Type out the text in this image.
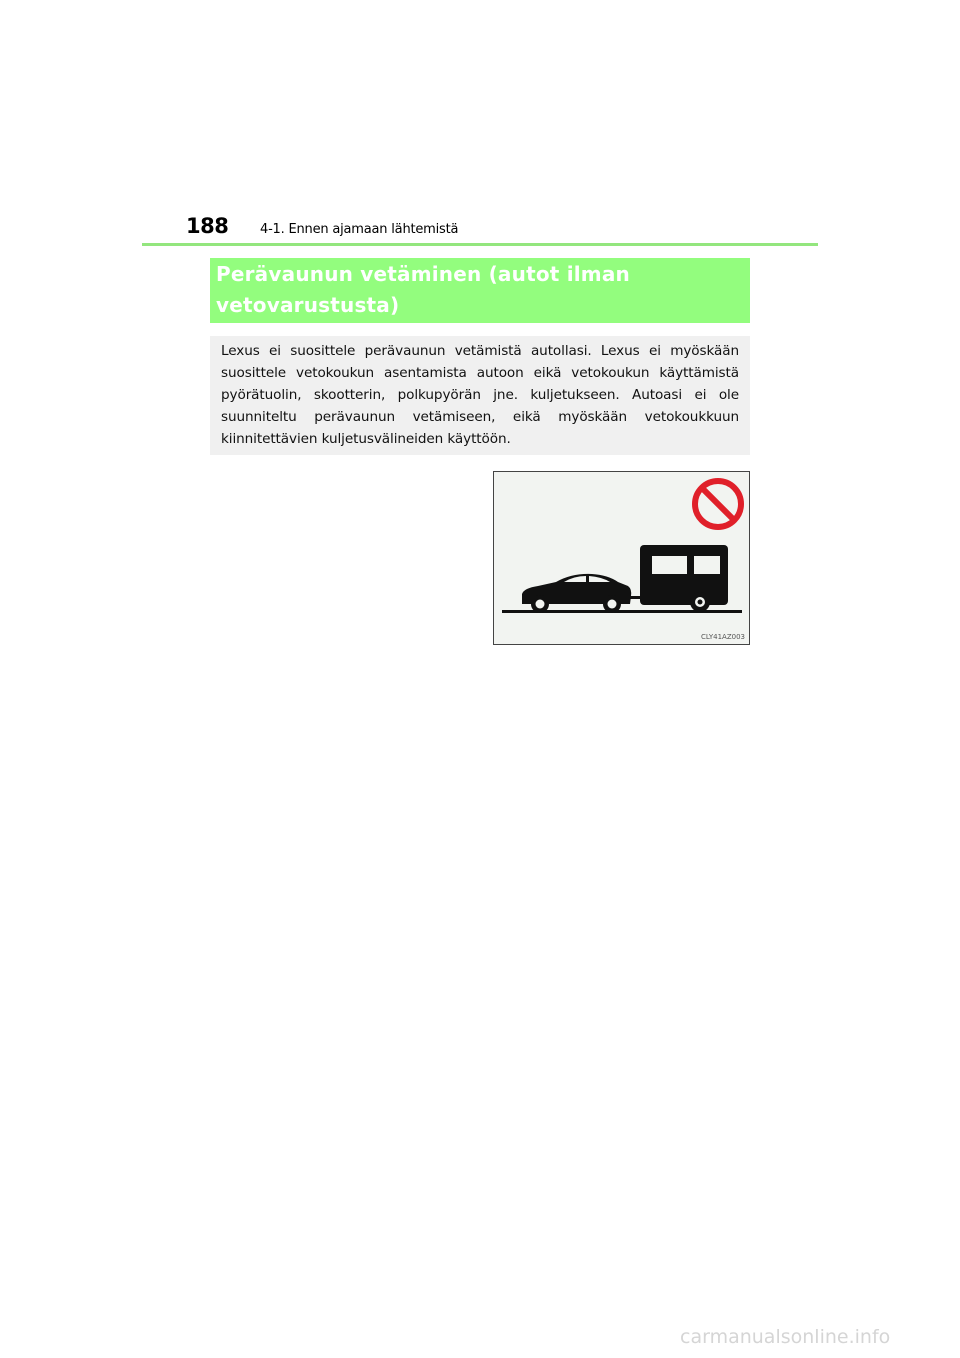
188 4-1. Ennen ajamaan lähtemistä
Perävaunun vetäminen (autot ilman
vetovarustusta)

Lexus ei suosittele perävaunun vetämistä autollasi. Lexus ei myöskään suosittele vetokoukun asentamista autoon eikä vetokoukun käyttämistä pyörätuolin, skootterin, polkupyörän jne. kuljetukseen. Autoasi ei ole suunniteltu perävaunun vetämiseen, eikä myöskään vetokoukkuun kiinnitettävien kuljetusvälineiden käyttöön.

CLY41AZ003
carmanualsonline.info
